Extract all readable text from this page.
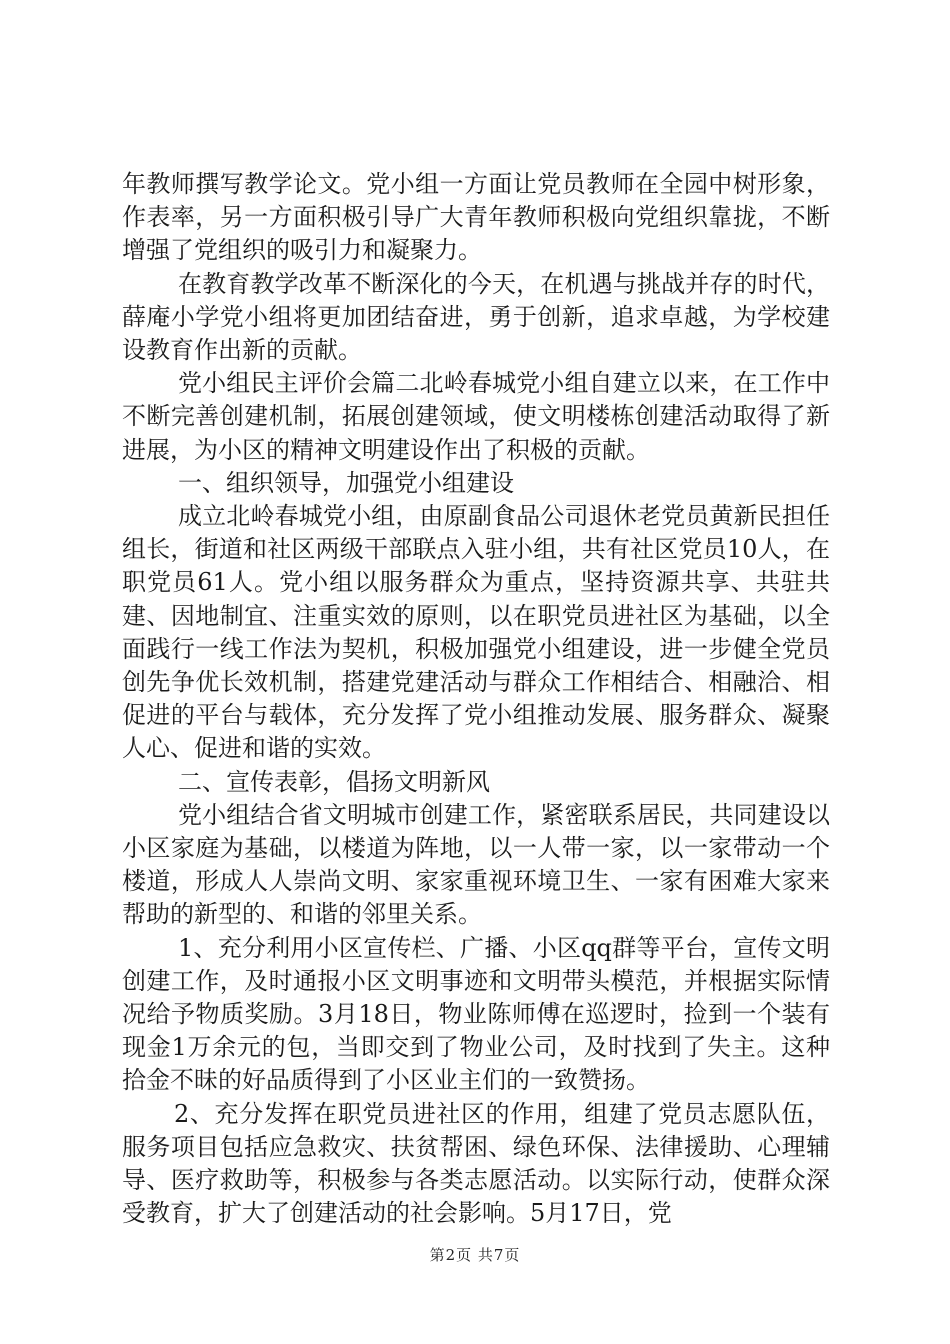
年教师撰写教学论文。党小组一方面让党员教师在全园中树形象，作表率，另一方面积极引导广大青年教师积极向党组织靠拢，不断增强了党组织的吸引力和凝聚力。

在教育教学改革不断深化的今天，在机遇与挑战并存的时代，薛庵小学党小组将更加团结奋进，勇于创新，追求卓越，为学校建设教育作出新的贡献。

党小组民主评价会篇二北岭春城党小组自建立以来，在工作中不断完善创建机制，拓展创建领域，使文明楼栋创建活动取得了新进展，为小区的精神文明建设作出了积极的贡献。

一、组织领导，加强党小组建设

成立北岭春城党小组，由原副食品公司退休老党员黄新民担任组长，街道和社区两级干部联点入驻小组，共有社区党员10人，在职党员61人。党小组以服务群众为重点，坚持资源共享、共驻共建、因地制宜、注重实效的原则，以在职党员进社区为基础，以全面践行一线工作法为契机，积极加强党小组建设，进一步健全党员创先争优长效机制，搭建党建活动与群众工作相结合、相融洽、相促进的平台与载体，充分发挥了党小组推动发展、服务群众、凝聚人心、促进和谐的实效。

二、宣传表彰，倡扬文明新风

党小组结合省文明城市创建工作，紧密联系居民，共同建设以小区家庭为基础，以楼道为阵地，以一人带一家，以一家带动一个楼道，形成人人崇尚文明、家家重视环境卫生、一家有困难大家来帮助的新型的、和谐的邻里关系。

1、充分利用小区宣传栏、广播、小区qq群等平台，宣传文明创建工作，及时通报小区文明事迹和文明带头模范，并根据实际情况给予物质奖励。3月18日，物业陈师傅在巡逻时，捡到一个装有现金1万余元的包，当即交到了物业公司，及时找到了失主。这种拾金不昧的好品质得到了小区业主们的一致赞扬。

2、充分发挥在职党员进社区的作用，组建了党员志愿队伍，服务项目包括应急救灾、扶贫帮困、绿色环保、法律援助、心理辅导、医疗救助等，积极参与各类志愿活动。以实际行动，使群众深受教育，扩大了创建活动的社会影响。5月17日，党

第2页 共7页
